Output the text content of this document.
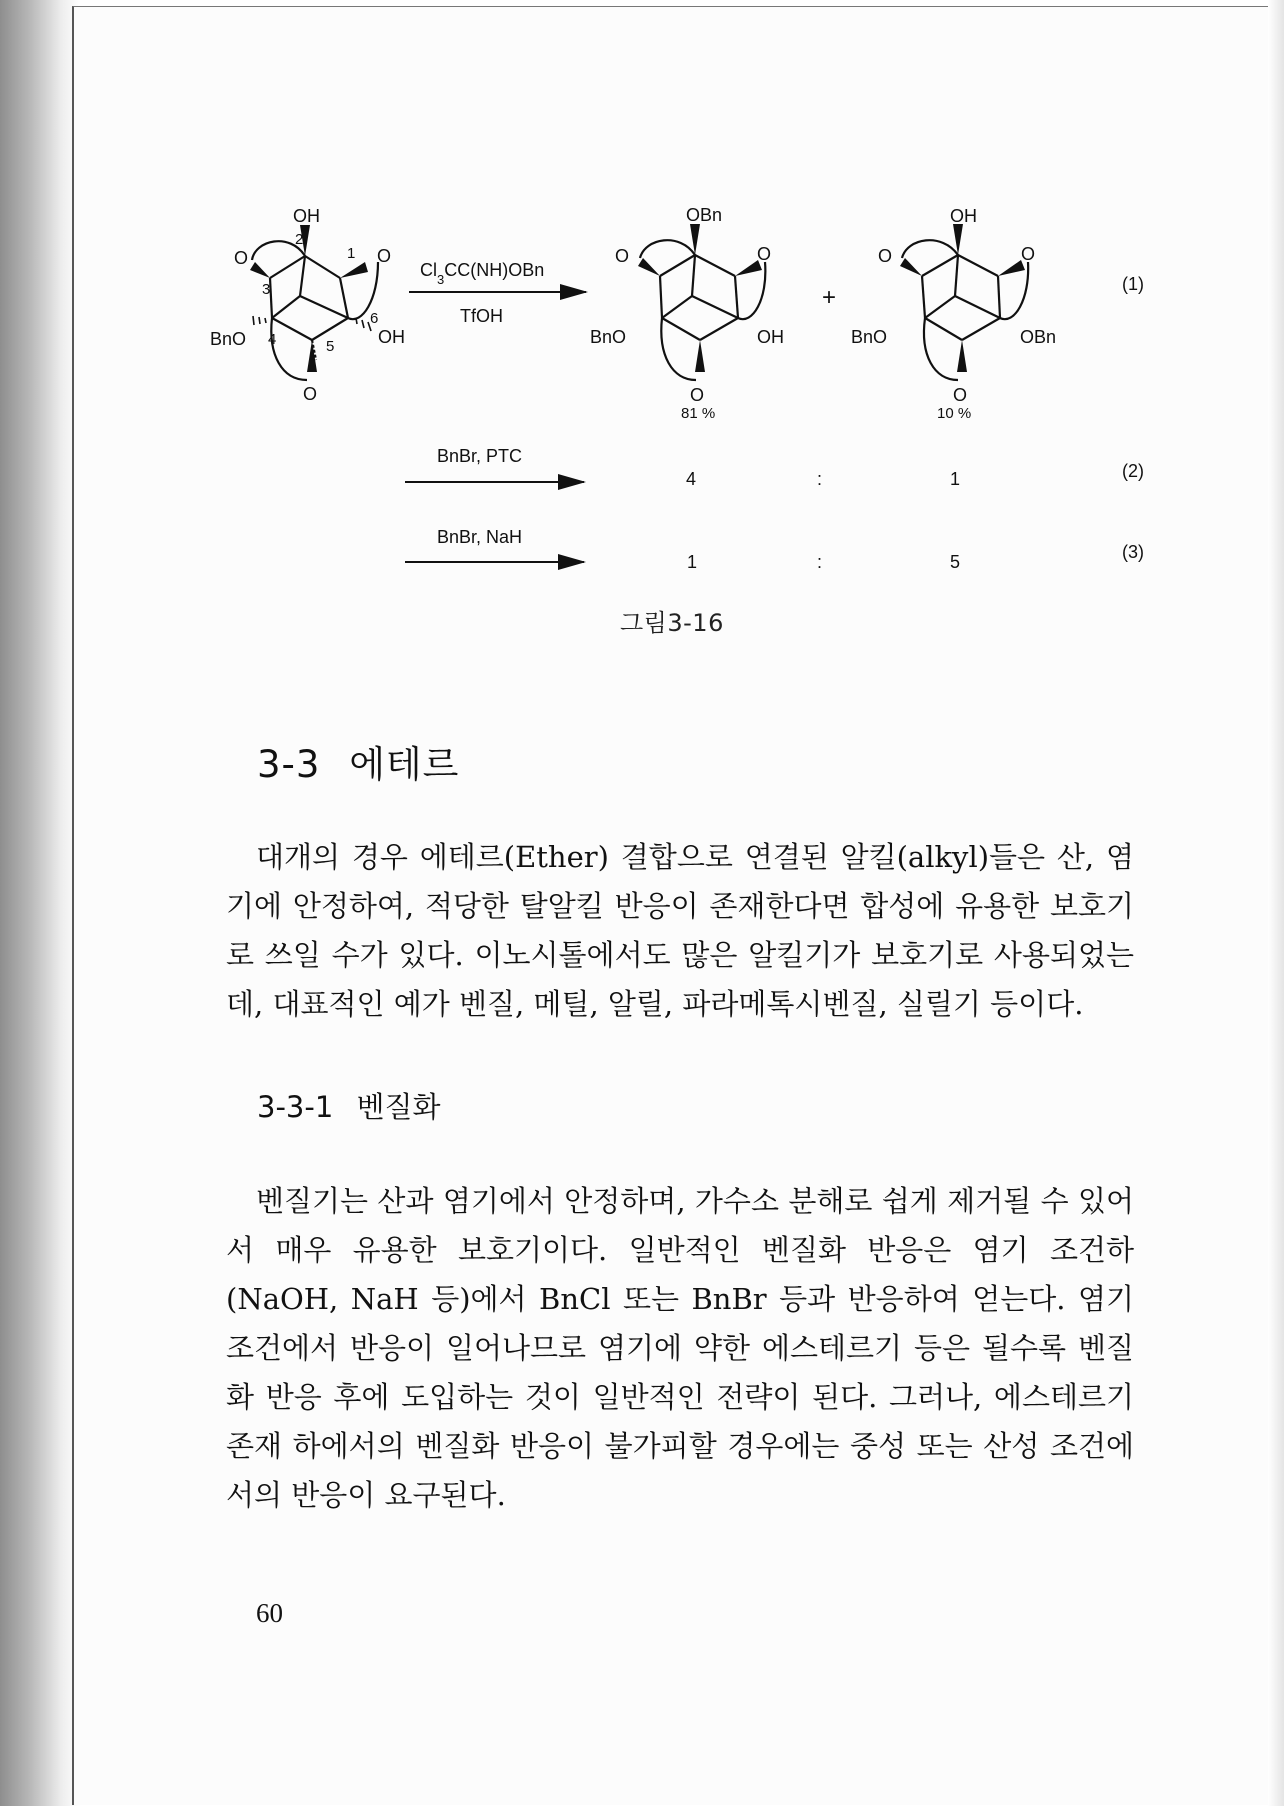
OH
O	O
O
BnO	OH
2
1
3
4	5
6
$Cl_3CC(NH)OBn$
TfOH
OBn
O	O
O
BnO	OH
81 %
+
OH
O	O
O
BnO	OBn
10 %
(1)
BnBr, PTC
4	:	1	(2)
BnBr, NaH
1	:	5	(3)
그림3-16
3-3 에테르

대개의 경우 에테르(Ether) 결합으로 연결된 알킬(alkyl)들은 산, 염기에 안정하여, 적당한 탈알킬 반응이 존재한다면 합성에 유용한 보호기로 쓰일 수가 있다. 이노시톨에서도 많은 알킬기가 보호기로 사용되었는데, 대표적인 예가 벤질, 메틸, 알릴, 파라메톡시벤질, 실릴기 등이다.

3-3-1 벤질화

벤질기는 산과 염기에서 안정하며, 가수소 분해로 쉽게 제거될 수 있어서 매우 유용한 보호기이다. 일반적인 벤질화 반응은 염기 조건하(NaOH, NaH 등)에서 BnCl 또는 BnBr 등과 반응하여 얻는다. 염기 조건에서 반응이 일어나므로 염기에 약한 에스테르기 등은 될수록 벤질화 반응 후에 도입하는 것이 일반적인 전략이 된다. 그러나, 에스테르기 존재 하에서의 벤질화 반응이 불가피할 경우에는 중성 또는 산성 조건에서의 반응이 요구된다.

60
